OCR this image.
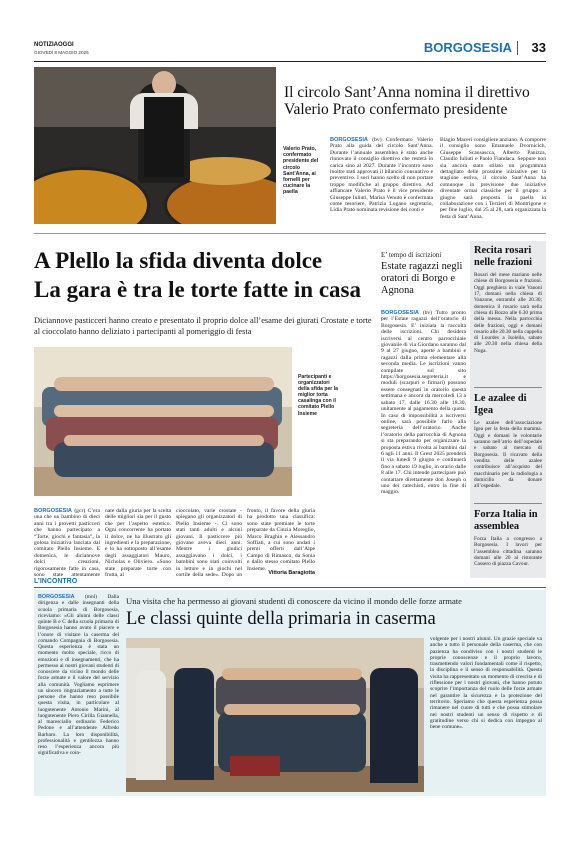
NOTIZIAOGGI
GIOVEDÌ 8 MAGGIO 2025	BORGOSESIA 33
Valerio Prato, confermato presidente del circolo Sant’Anna, ai fornelli per cucinare la paella
Il circolo Sant’Anna nomina il direttivo
Valerio Prato confermato presidente
BORGOSESIA (bv) Confermato Valerio Prato alla guida del circolo Sant’Anna. Durante l’annuale assemblea è stato anche rinnovato il consiglio direttivo che resterà in carica sino al 2027. Durante l’incontro sono inoltre stati approvati il bilancio consuntivo e preventivo. I soci hanno scelto di non portare troppo modifiche al gruppo direttivo. Ad affiancare Valerio Prato è il vice presidente Giuseppe Iuliuti, Marisa Venuto è confermata come tesoriere, Patrizia Lugano segretario, Lidia Prato nominata revisione dei conti e
Biagio Maceri consigliere anziano. A comporre il consiglio sono Emanuele Dvornicich, Giuseppe Scansascca, Alberto Panizza, Claudio Iuliuti e Paolo Fiandaca. Seppure non sia ancora stato stilato un programma dettagliato delle prossime iniziative per la stagione estiva, il circolo Sant’Anna ha comunque in previsione due iniziative diventate ormai classiche per il gruppo: a giugno sarà proposta la paella in collaborazione con i Terzieri di Montrigone e per fine luglio, dal 25 al 28, sarà organizzata la festa di Sant’Anna.
A Plello la sfida diventa dolce
La gara è tra le torte fatte in casa
Diciannove pasticceri hanno creato e presentato il proprio dolce all’esame dei giurati Crostate e torte al cioccolato hanno deliziato i partecipanti al pomeriggio di festa
Partecipanti e organizzatori della sfida per la miglior torta casalinga con il comitato Plello Insieme
BORGOSESIA (gcr) C’era una che un bambino di dieci anni tra i provetti pasticceri che hanno partecipato a “Torte, giochi e fantasia”, la golosa iniziativa lanciata dal comitato Plello Insieme. E domenica, le diciannove dolci creazioni, rigorosamente fatte in casa, sono state attentamente
nate dalla giuria per la scelta delle migliori sia per il gusto che per l’aspetto estetico. Ogni concorrente ha portato il dolce, ne ha illustrato gli ingredienti e la preparazione, e lo ha sottoposto all’esame degli assaggiatori Mauro, Nicholas e Oliviero. «Sono state preparate torte con frutta, al
cioccolato, varie crostate - spiegano gli organizzatori di Plello Insieme -. Ci sono stati tanti adulti e alcuni giovani. Il pasticcere più giovane aveva dieci anni. Mentre i giudici assaggiavano i dolci, i bambini sono stati coinvolti in letture e in giochi nel cortile della sede». Dopo un
fronto, il favore della giuria ha prodotto una classifica: sono state premiate le torte preparate da Cinzia Moreglio, Marco Braghin e Alessandro Soffiati, a cui sono andati i premi offerti dall’Alpe Campo di Rimasco, da Sonia e dallo stesso comitato Plello Insieme.
Vittoria Baragiotta
E’ tempo di iscrizioni
Estate ragazzi negli oratori di Borgo e Agnona
BORGOSESIA (bv) Tutto pronto per l’Estate ragazzi dell’oratorio di Borgosesia. E’ iniziata la raccolta delle iscrizioni. Chi desidera iscriversi al centro parrocchiale giovanile di via Giordano saranno dal 9 al 27 giugno, aperte a bambini e ragazzi dalla prima elementare alla seconda media. Le iscrizioni vanno compilate sul sito https://borgosesia.segreteria.it e moduli (scarpuri e firmari) possono essere consegnati in oratorio questa settimana e ancora da mercoledì 13 a sabato 17, dalle 16.30 alle 18.30, unitamente al pagamento della quota. In caso di impossibilità a iscriversi online, sarà possibile farlo alla segreteria dell’oratorio. Anche l’oratorio della parrocchia di Agnona si sta preparando per organizzare la proposta estiva rivolta ai bambini dal 6 agli 11 anni. Il Grest 2025 prenderà il via lunedì 9 giugno e continuerà fino a sabato 19 luglio, in orario dalle 8 alle 17. Chi intende partecipare può contattare direttamente don Joseph o uno dei catechisti, entro la fine di maggio.
Recita rosari nelle frazioni
Rosari del mese mariano nelle chiese di Borgosesia e frazioni. Oggi preghiera in viale Vanoni 17, domani nella chiesa di Vanzone, entrambi alle 20.30; domenica il rosario sarà nella chiesa di Bozzo alle 6.30 prima della messa. Nella parrocchia delle frazioni, oggi e domani rosario alle 20.30 nella cappella di Lourdes a Isolella, sabato alle 20.30 nella chiesa della Nuga.
Le azalee di Igea
Le azalee dell’associazione Igea per la festa della mamma. Oggi e domani le volontarie saranno nell’atrio dell’ospedale e sabato al mercato di Borgosesia. Il ricavato della vendita delle azalee contribuisce all’acquisto del macchinario per la radiologia a domicilio da donare all’ospedale.
Forza Italia in assemblea
Forza Italia a congresso a Borgosesia. I lavori per l’assemblea cittadina saranno domani alle 20 al ristorante Cassero di piazza Cavour.
L’INCONTRO
BORGOSESIA (mnl) Dalla dirigenza e dalle insegnanti della scuola primaria di Borgosesia, riceviamo: «Gli alunni delle classi quinte B e C della scuola primaria di Borgosesia hanno avuto il piacere e l’onore di visitare la caserma del comando Compagnia di Borgosesia. Questa esperienza è stata un momento molto speciale, ricco di emozioni e di insegnamenti, che ha permesso ai nostri giovani studenti di conoscere da vicino il mondo delle forze armate e il valore del servizio alla comunità. Vogliamo esprimere un sincero ringraziamento a tutte le persone che hanno reso possibile questa visita, in particolare al luogotenente Antonio Marini, al luogotenente Piero Cirilla Giannella, al maresciallo ordinario Federico Pedone e all’attendente Alfredo Barbaro. La loro disponibilità, professionalità e gentilezza hanno reso l’esperienza ancora più significativa e coin-
Una visita che ha permesso ai giovani studenti di conoscere da vicino il mondo delle forze armate
Le classi quinte della primaria in caserma
volgente per i nostri alunni. Un grazie speciale va anche a tutto il personale della caserma, che con pazienza ha condiviso con i nostri studenti le proprie conoscenze e il proprio lavoro, trasmettendo valori fondamentali come il rispetto, la disciplina e il senso di responsabilità. Questa visita ha rappresentato un momento di crescita e di riflessione per i nostri giovani, che hanno potuto scoprire l’importanza del ruolo delle forze armate nel garantire la sicurezza e la protezione del territorio. Speriamo che questa esperienza possa rimanere nel cuore di tutti e che possa stimolare nei nostri studenti un senso di rispetto e di gratitudine verso chi si dedica con impegno al bene comune».
